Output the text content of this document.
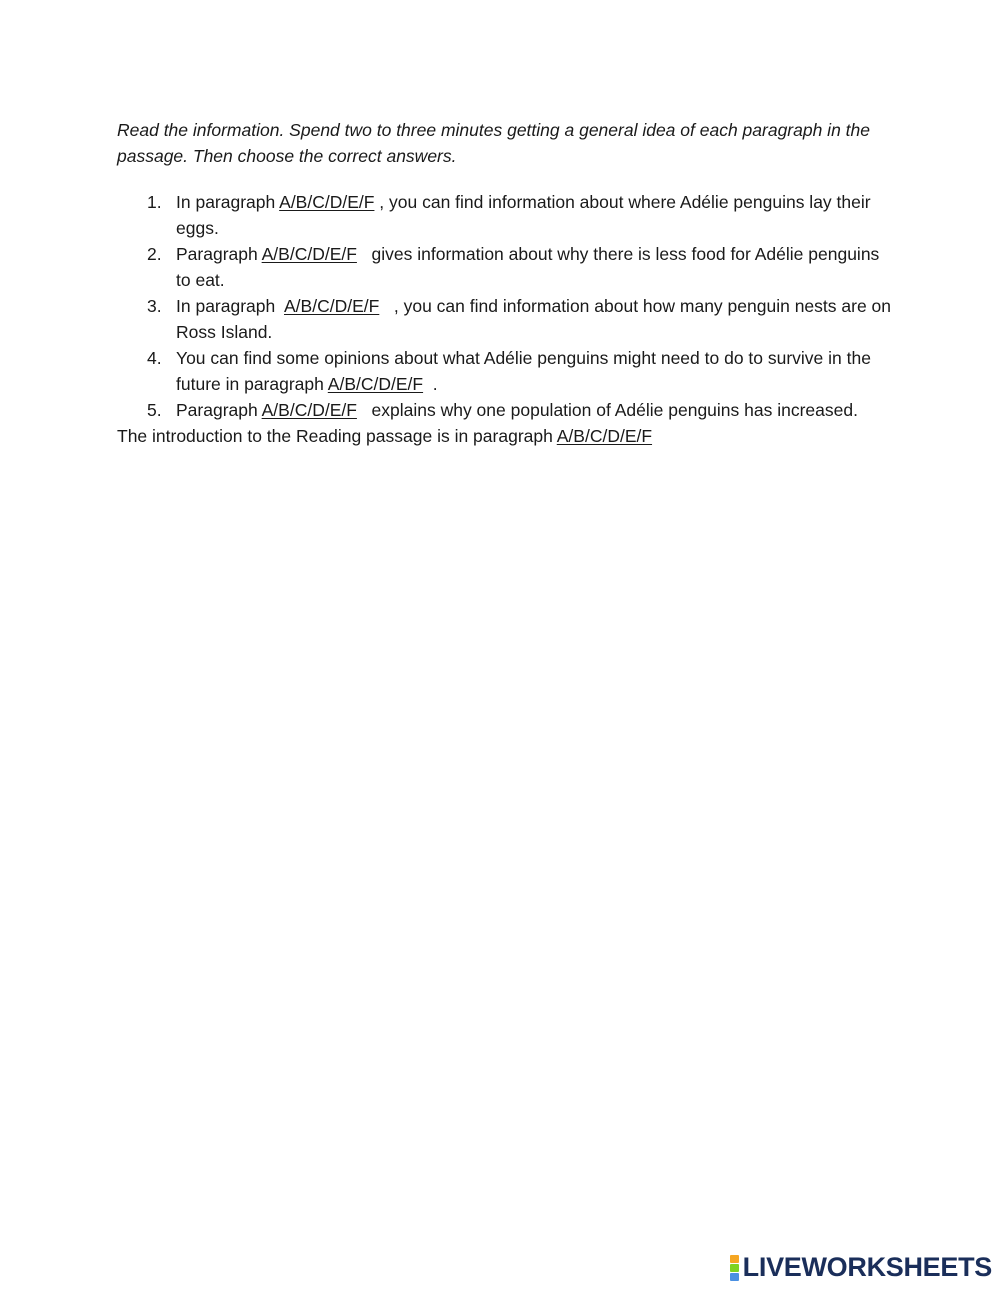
Read the information. Spend two to three minutes getting a general idea of each paragraph in the passage. Then choose the correct answers.

1. In paragraph A/B/C/D/E/F , you can find information about where Adélie penguins lay their eggs.
2. Paragraph A/B/C/D/E/F   gives information about why there is less food for Adélie penguins to eat.
3. In paragraph  A/B/C/D/E/F   , you can find information about how many penguin nests are on Ross Island.
4. You can find some opinions about what Adélie penguins might need to do to survive in the future in paragraph A/B/C/D/E/F  .
5. Paragraph A/B/C/D/E/F   explains why one population of Adélie penguins has increased.

The introduction to the Reading passage is in paragraph A/B/C/D/E/F

LIVEWORKSHEETS
